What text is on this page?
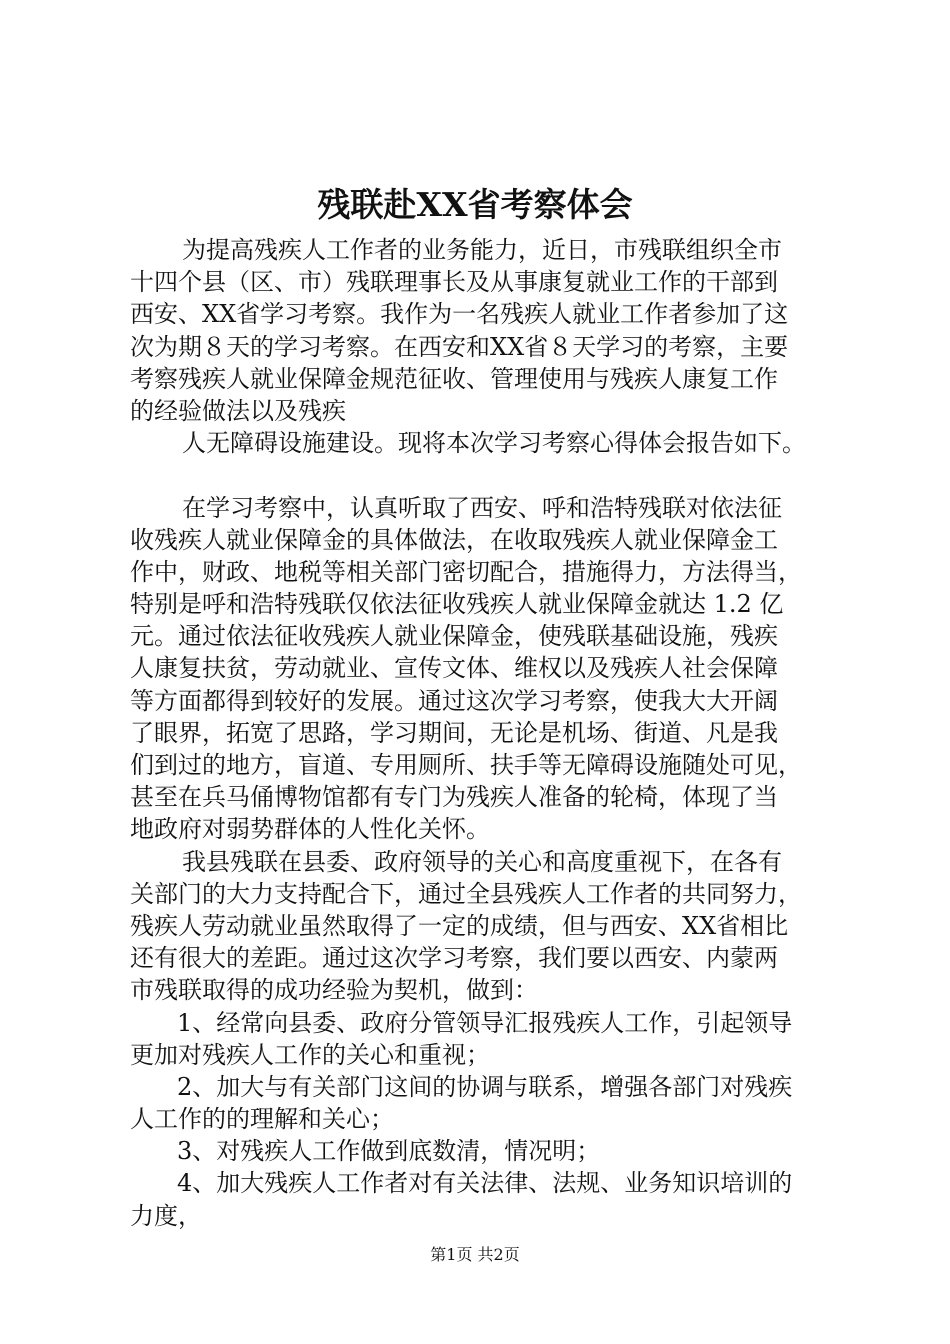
残联赴XX省考察体会
为提高残疾人工作者的业务能力，近日，市残联组织全市
十四个县（区、市）残联理事长及从事康复就业工作的干部到
西安、XX省学习考察。我作为一名残疾人就业工作者参加了这
次为期８天的学习考察。在西安和XX省８天学习的考察，主要
考察残疾人就业保障金规范征收、管理使用与残疾人康复工作
的经验做法以及残疾
人无障碍设施建设。现将本次学习考察心得体会报告如下。
在学习考察中，认真听取了西安、呼和浩特残联对依法征
收残疾人就业保障金的具体做法，在收取残疾人就业保障金工
作中，财政、地税等相关部门密切配合，措施得力，方法得当，
特别是呼和浩特残联仅依法征收残疾人就业保障金就达 1.2 亿
元。通过依法征收残疾人就业保障金，使残联基础设施，残疾
人康复扶贫，劳动就业、宣传文体、维权以及残疾人社会保障
等方面都得到较好的发展。通过这次学习考察，使我大大开阔
了眼界，拓宽了思路，学习期间，无论是机场、街道、凡是我
们到过的地方，盲道、专用厕所、扶手等无障碍设施随处可见，
甚至在兵马俑博物馆都有专门为残疾人准备的轮椅，体现了当
地政府对弱势群体的人性化关怀。
我县残联在县委、政府领导的关心和高度重视下，在各有
关部门的大力支持配合下，通过全县残疾人工作者的共同努力，
残疾人劳动就业虽然取得了一定的成绩，但与西安、XX省相比
还有很大的差距。通过这次学习考察，我们要以西安、内蒙两
市残联取得的成功经验为契机，做到：
1、经常向县委、政府分管领导汇报残疾人工作，引起领导
更加对残疾人工作的关心和重视；
2、加大与有关部门这间的协调与联系，增强各部门对残疾
人工作的的理解和关心；
3、对残疾人工作做到底数清，情况明；
4、加大残疾人工作者对有关法律、法规、业务知识培训的
力度，
第1页 共2页
